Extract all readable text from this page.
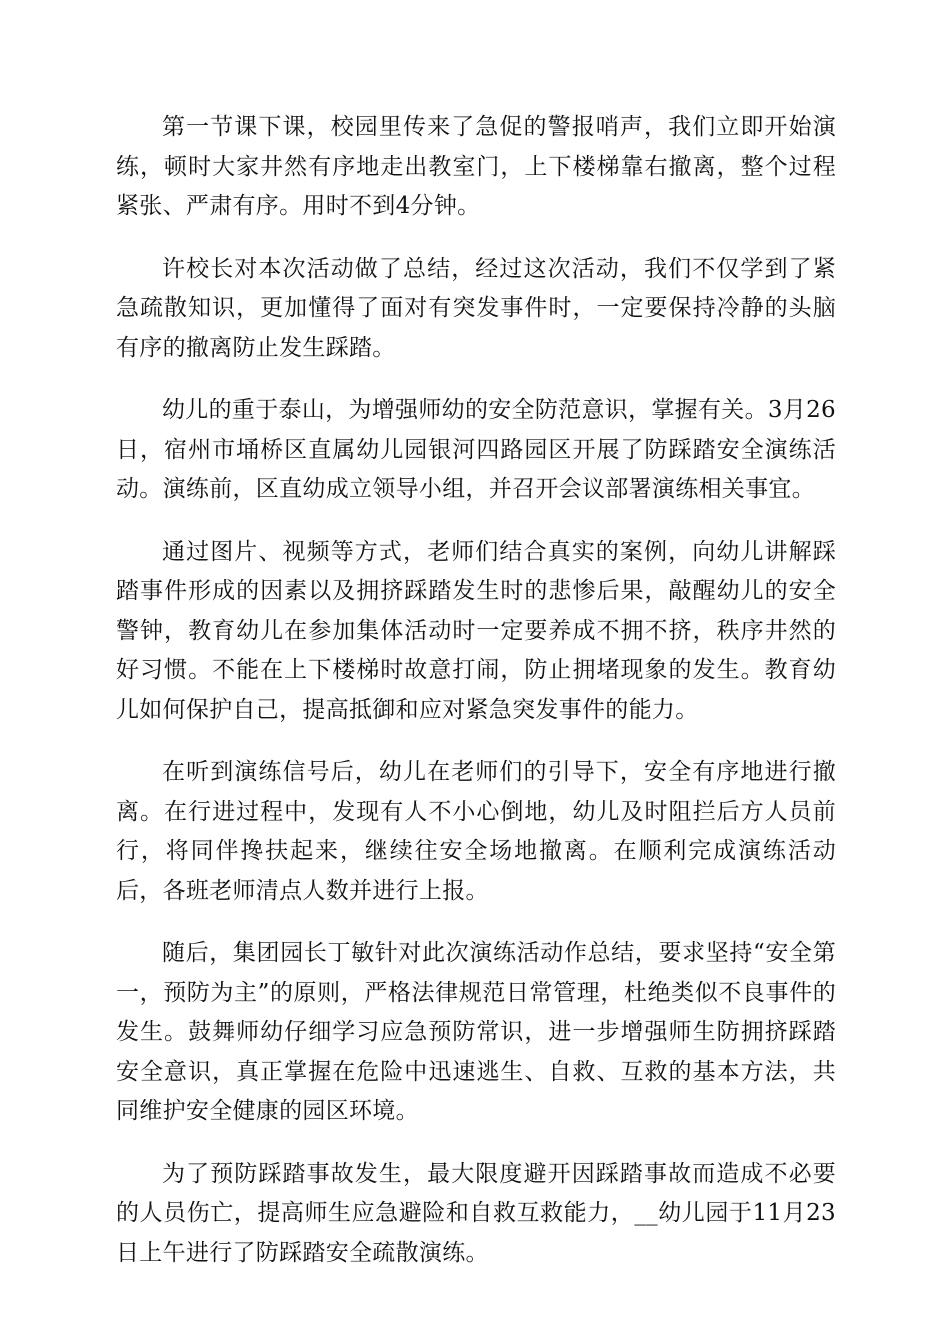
第一节课下课，校园里传来了急促的警报哨声，我们立即开始演练，顿时大家井然有序地走出教室门，上下楼梯靠右撤离，整个过程紧张、严肃有序。用时不到4分钟。

许校长对本次活动做了总结，经过这次活动，我们不仅学到了紧急疏散知识，更加懂得了面对有突发事件时，一定要保持冷静的头脑有序的撤离防止发生踩踏。

幼儿的重于泰山，为增强师幼的安全防范意识，掌握有关。3月26日，宿州市埇桥区直属幼儿园银河四路园区开展了防踩踏安全演练活动。演练前，区直幼成立领导小组，并召开会议部署演练相关事宜。

通过图片、视频等方式，老师们结合真实的案例，向幼儿讲解踩踏事件形成的因素以及拥挤踩踏发生时的悲惨后果，敲醒幼儿的安全警钟，教育幼儿在参加集体活动时一定要养成不拥不挤，秩序井然的好习惯。不能在上下楼梯时故意打闹，防止拥堵现象的发生。教育幼儿如何保护自己，提高抵御和应对紧急突发事件的能力。

在听到演练信号后，幼儿在老师们的引导下，安全有序地进行撤离。在行进过程中，发现有人不小心倒地，幼儿及时阻拦后方人员前行，将同伴搀扶起来，继续往安全场地撤离。在顺利完成演练活动后，各班老师清点人数并进行上报。

随后，集团园长丁敏针对此次演练活动作总结，要求坚持“安全第一，预防为主”的原则，严格法律规范日常管理，杜绝类似不良事件的发生。鼓舞师幼仔细学习应急预防常识，进一步增强师生防拥挤踩踏安全意识，真正掌握在危险中迅速逃生、自救、互救的基本方法，共同维护安全健康的园区环境。

为了预防踩踏事故发生，最大限度避开因踩踏事故而造成不必要的人员伤亡，提高师生应急避险和自救互救能力，__幼儿园于11月23日上午进行了防踩踏安全疏散演练。
